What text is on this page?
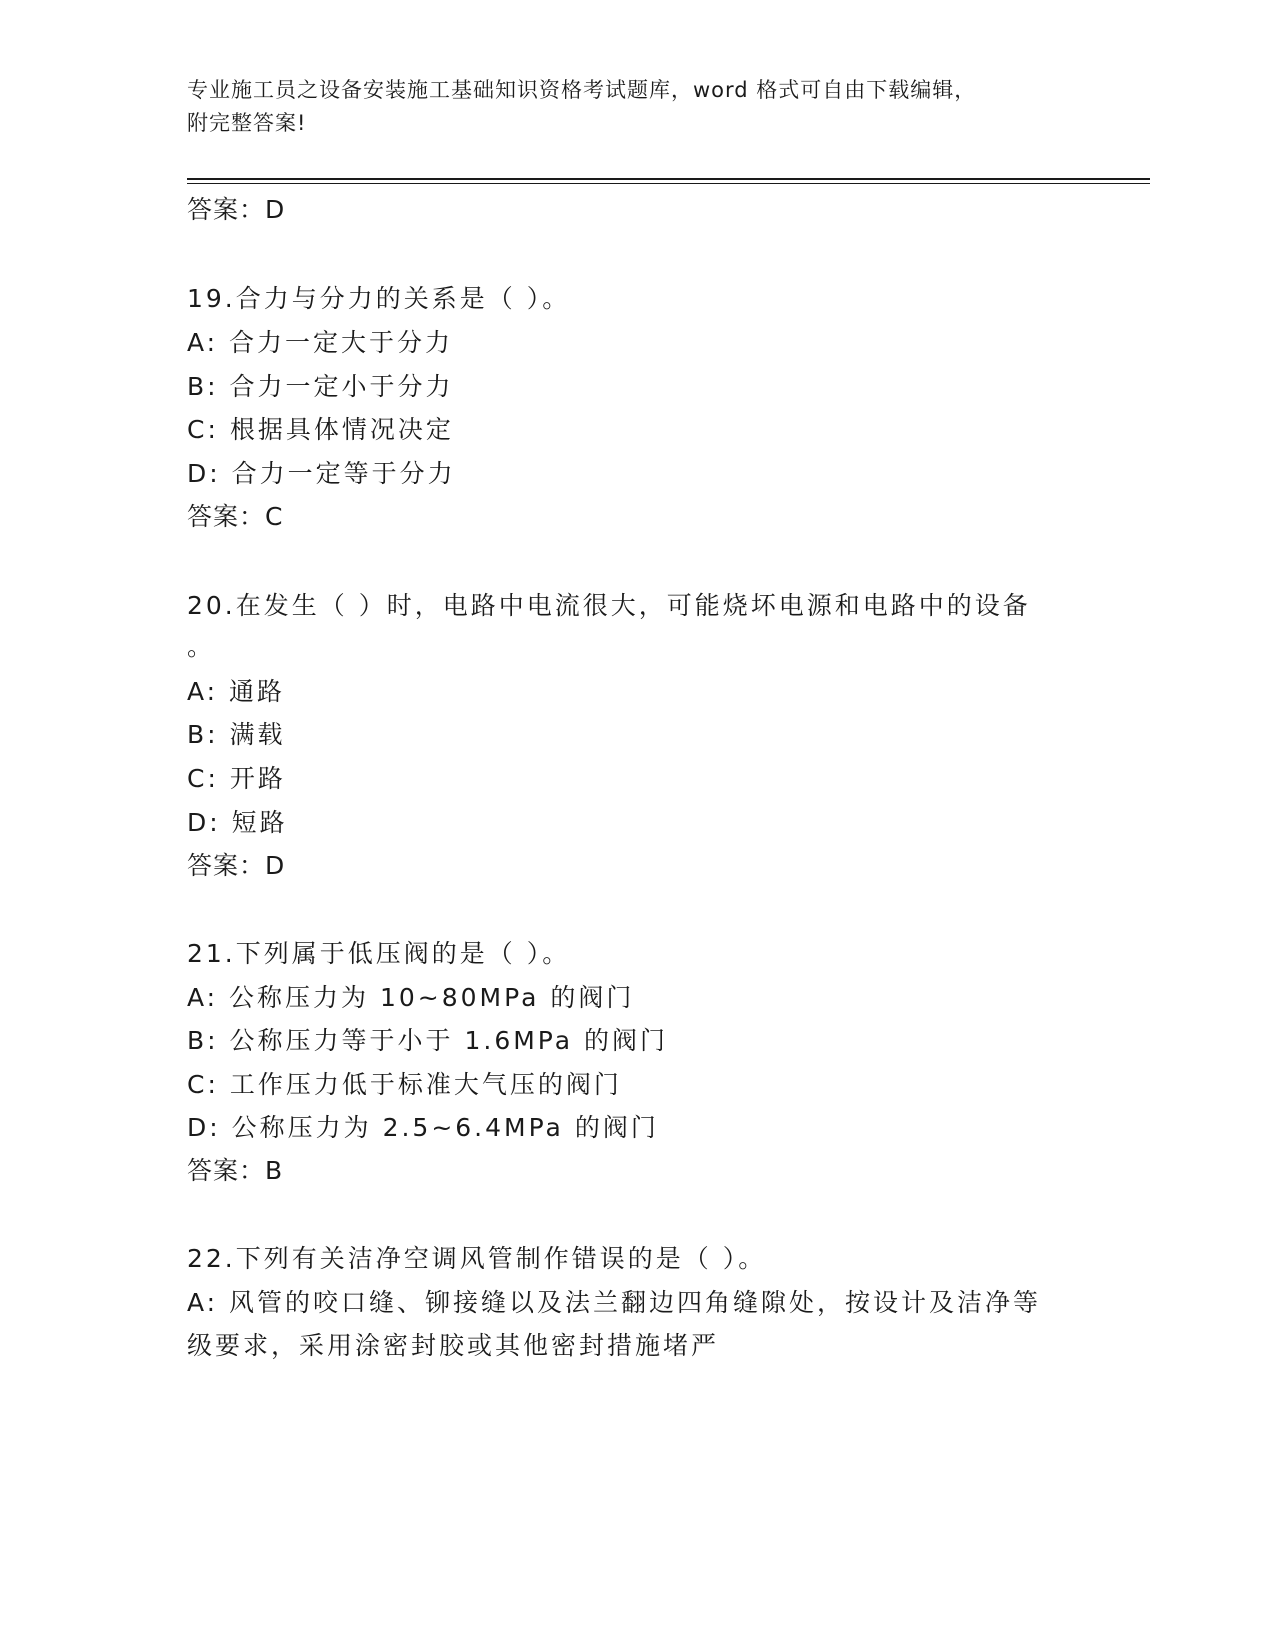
专业施工员之设备安装施工基础知识资格考试题库，word 格式可自由下载编辑，
附完整答案!
答案：D
19.合力与分力的关系是（ ）。
A: 合力一定大于分力
B: 合力一定小于分力
C: 根据具体情况决定
D: 合力一定等于分力
答案：C
20.在发生（ ）时，电路中电流很大，可能烧坏电源和电路中的设备
。
A: 通路
B: 满载
C: 开路
D: 短路
答案：D
21.下列属于低压阀的是（ ）。
A: 公称压力为 10~80MPa 的阀门
B: 公称压力等于小于 1.6MPa 的阀门
C: 工作压力低于标准大气压的阀门
D: 公称压力为 2.5~6.4MPa 的阀门
答案：B
22.下列有关洁净空调风管制作错误的是（ ）。
A: 风管的咬口缝、铆接缝以及法兰翻边四角缝隙处，按设计及洁净等
级要求，采用涂密封胶或其他密封措施堵严
